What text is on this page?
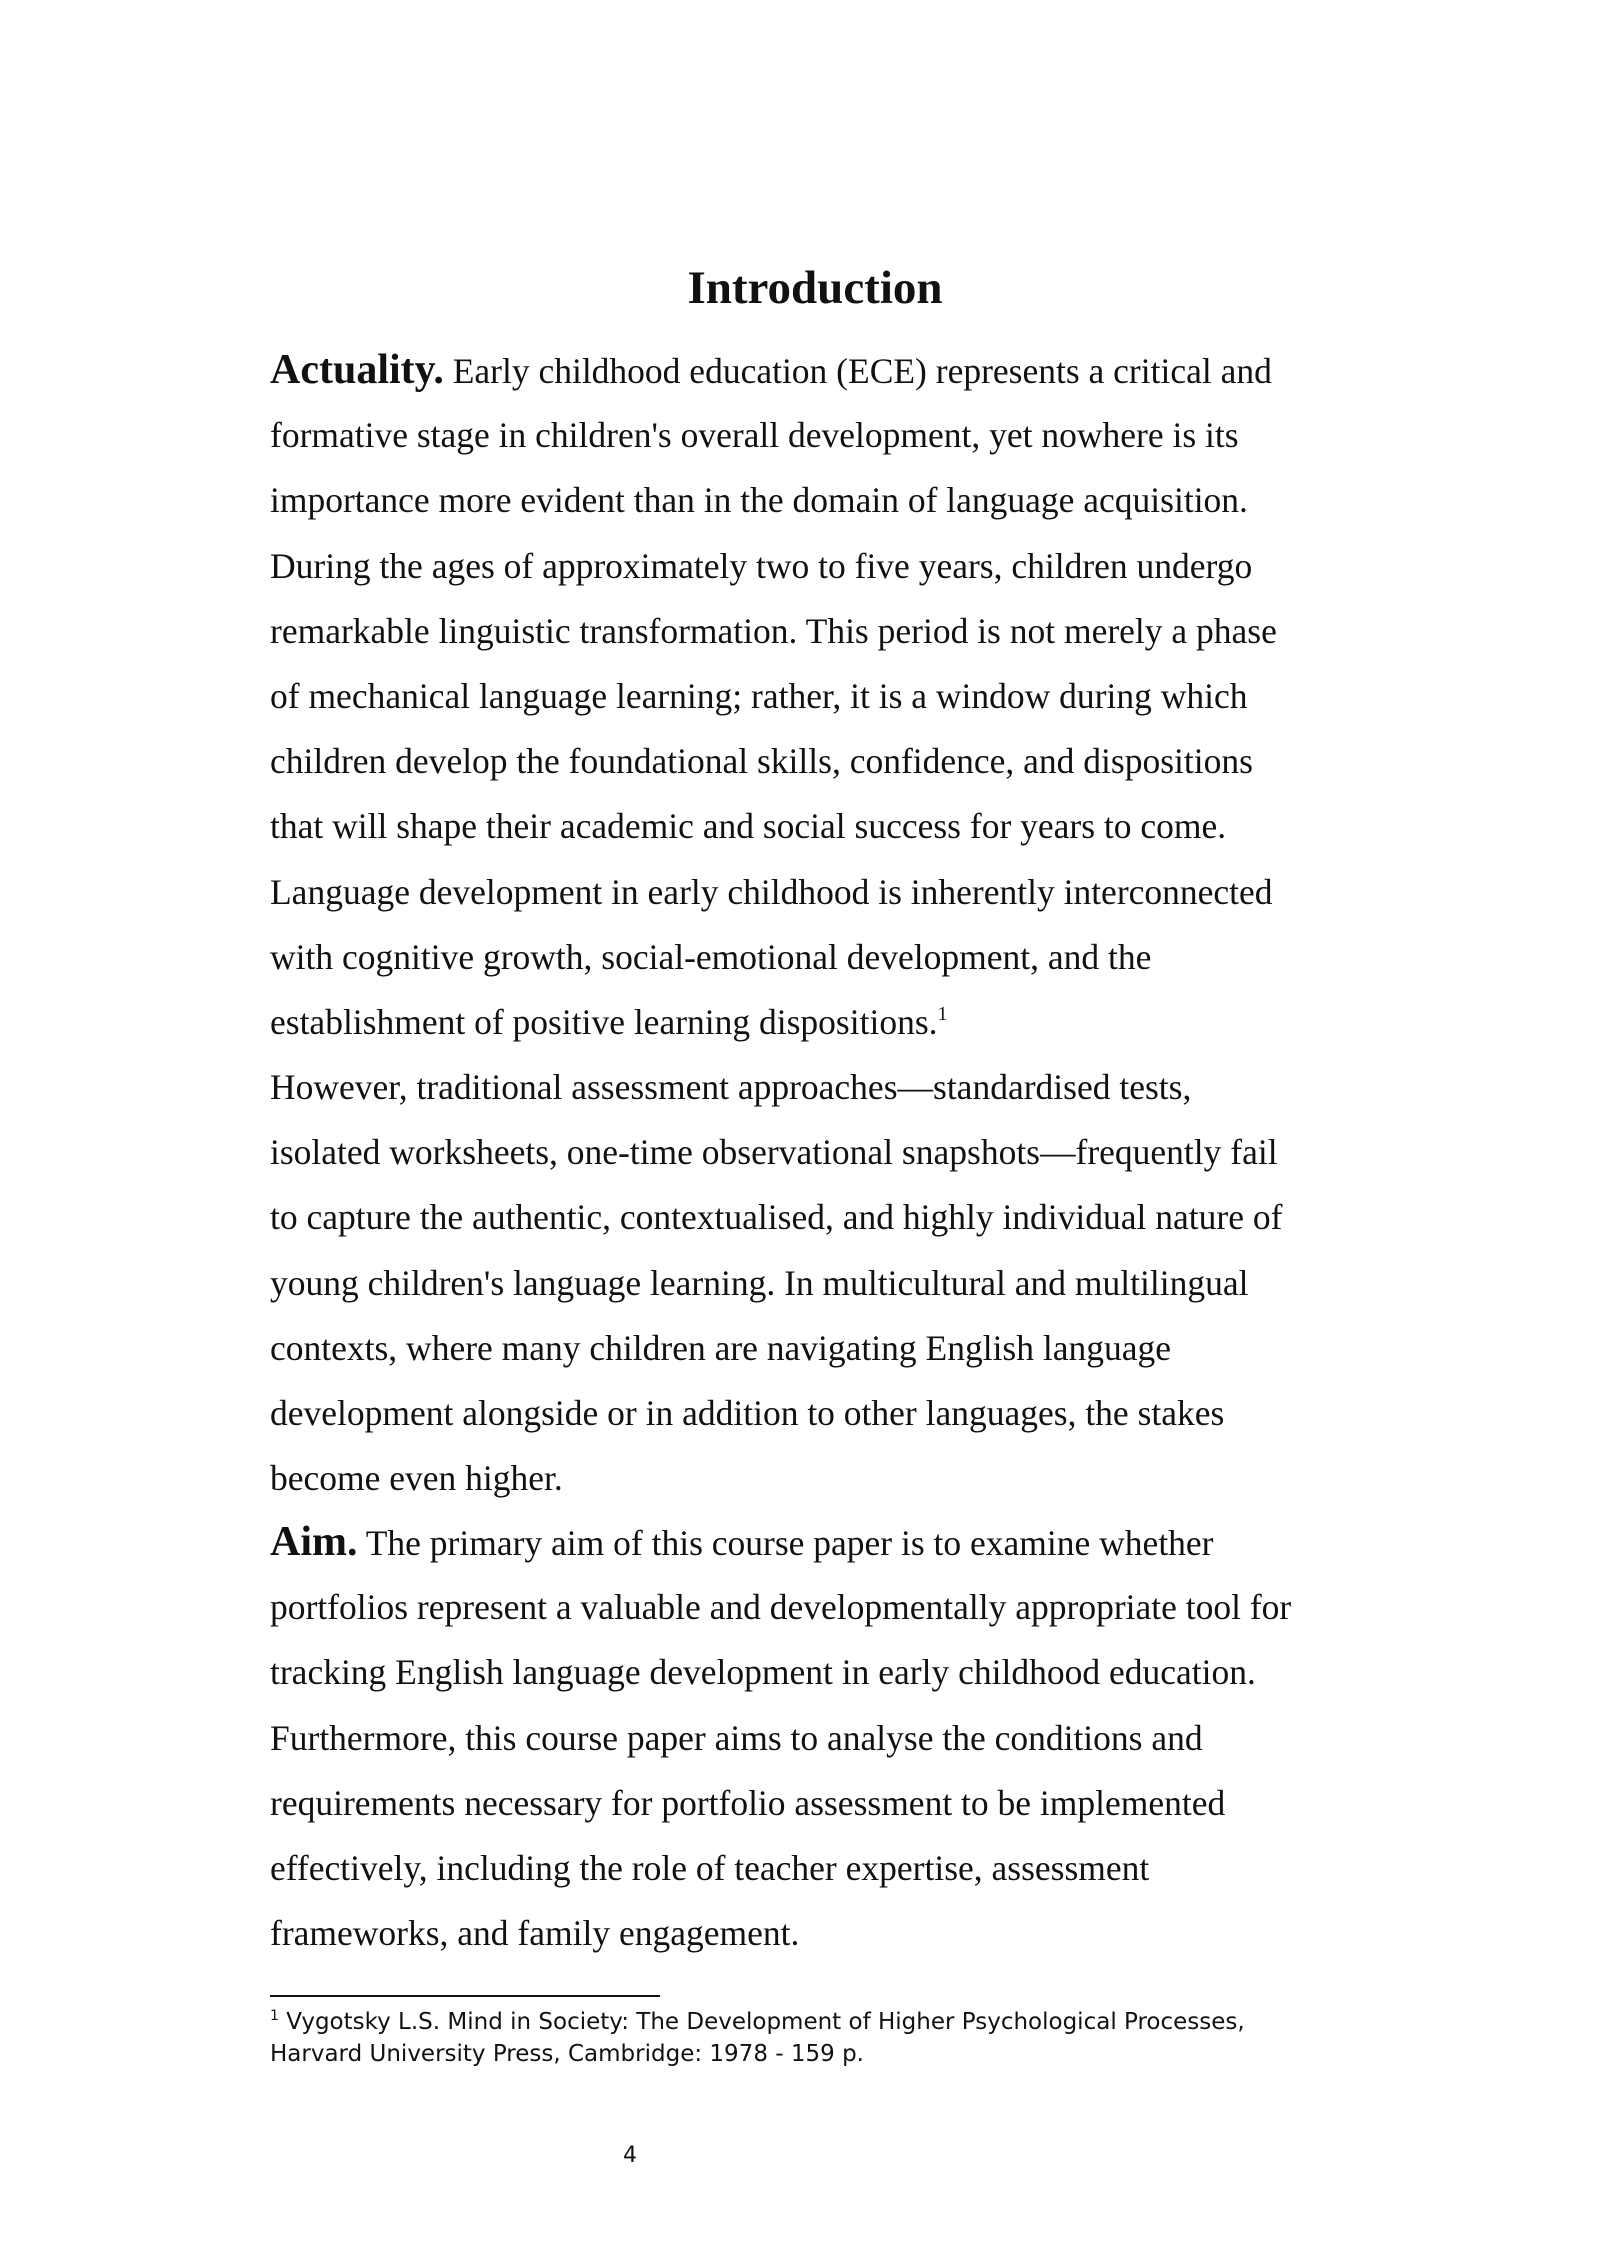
Introduction
Actuality. Early childhood education (ECE) represents a critical and
formative stage in children's overall development, yet nowhere is its
importance more evident than in the domain of language acquisition.
During the ages of approximately two to five years, children undergo
remarkable linguistic transformation. This period is not merely a phase
of mechanical language learning; rather, it is a window during which
children develop the foundational skills, confidence, and dispositions
that will shape their academic and social success for years to come.
Language development in early childhood is inherently interconnected
with cognitive growth, social-emotional development, and the
establishment of positive learning dispositions.$^1$
However, traditional assessment approaches—standardised tests,
isolated worksheets, one-time observational snapshots—frequently fail
to capture the authentic, contextualised, and highly individual nature of
young children's language learning. In multicultural and multilingual
contexts, where many children are navigating English language
development alongside or in addition to other languages, the stakes
become even higher.
Aim. The primary aim of this course paper is to examine whether
portfolios represent a valuable and developmentally appropriate tool for
tracking English language development in early childhood education.
Furthermore, this course paper aims to analyse the conditions and
requirements necessary for portfolio assessment to be implemented
effectively, including the role of teacher expertise, assessment
frameworks, and family engagement.
$^1$ Vygotsky L.S. Mind in Society: The Development of Higher Psychological Processes,
Harvard University Press, Cambridge: 1978 - 159 p.
4
